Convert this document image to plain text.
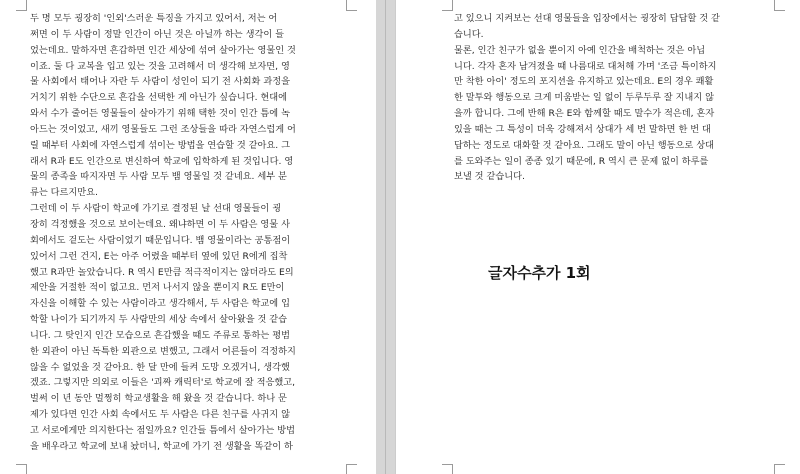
두 명 모두 굉장히 '인외'스러운 특징을 가지고 있어서, 저는 어
쩌면 이 두 사람이 정말 인간이 아닌 것은 아닐까 하는 생각이 들
었는데요. 말하자면 흔갑하면 인간 세상에 섞여 살아가는 영물인 것
이죠. 둘 다 교복을 입고 있는 것을 고려해서 더 생각해 보자면, 영
물 사회에서 태어나 자란 두 사람이 성인이 되기 전 사회화 과정을
거치기 위한 수단으로 흔갑을 선택한 게 아닌가 싶습니다. 현대에
와서 수가 줄어든 영물들이 살아가기 위해 택한 것이 인간 틈에 녹
아드는 것이었고, 새끼 영물들도 그런 조상들을 따라 자연스럽게 어
릴 때부터 사회에 자연스럽게 섞이는 방법을 연습할 것 같아요. 그
래서 R과 E도 인간으로 변신하여 학교에 입학하게 된 것입니다. 영
물의 종족을 따지자면 두 사람 모두 뱀 영물일 것 같네요. 세부 분
류는 다르지만요.
그런데 이 두 사람이 학교에 가기로 결정된 날 선대 영물들이 굉
장히 걱정했을 것으로 보이는데요. 왜냐하면 이 두 사람은 영물 사
회에서도 겉도는 사람이었기 때문입니다. 뱀 영물이라는 공통점이
있어서 그런 건지, E는 아주 어렸을 때부터 옆에 있던 R에게 집착
했고 R과만 놀았습니다. R 역시 E만큼 적극적이지는 않더라도 E의
제안을 거절한 적이 없고요. 먼저 나서지 않을 뿐이지 R도 E만이
자신을 이해할 수 있는 사람이라고 생각해서, 두 사람은 학교에 입
학할 나이가 되기까지 두 사람만의 세상 속에서 살아왔을 것 같습
니다. 그 탓인지 인간 모습으로 흔갑했을 때도 주류로 통하는 평범
한 외관이 아닌 독특한 외관으로 변했고, 그래서 어른들이 걱정하지
않을 수 없었을 것 같아요. 한 달 만에 들켜 도망 오겠거니, 생각했
겠죠. 그렇지만 의외로 이들은 '괴짜 캐릭터'로 학교에 잘 적응했고,
벌써 이 년 동안 멀쩡히 학교생활을 해 왔을 것 같습니다. 하나 문
제가 있다면 인간 사회 속에서도 두 사람은 다른 친구를 사귀지 않
고 서로에게만 의지한다는 점일까요? 인간들 틈에서 살아가는 방법
을 배우라고 학교에 보내 놨더니, 학교에 가기 전 생활을 똑같이 하
고 있으니 지켜보는 선대 영물들을 입장에서는 굉장히 답답할 것 같
습니다.
물론, 인간 친구가 없을 뿐이지 아예 인간을 배척하는 것은 아닙
니다. 각자 혼자 남겨졌을 때 나름대로 대처해 가며 '조금 특이하지
만 착한 아이' 정도의 포지션을 유지하고 있는데요. E의 경우 쾌활
한 말투와 행동으로 크게 미움받는 일 없이 두루두루 잘 지내지 않
을까 합니다. 그에 반해 R은 E와 함께할 때도 말수가 적은데, 혼자
있을 때는 그 특성이 더욱 강해져서 상대가 세 번 말하면 한 번 대
답하는 정도로 대화할 것 같아요. 그래도 말이 아닌 행동으로 상대
를 도와주는 일이 종종 있기 때문에, R 역시 큰 문제 없이 하루를
보낼 것 같습니다.
글자수추가 1회
